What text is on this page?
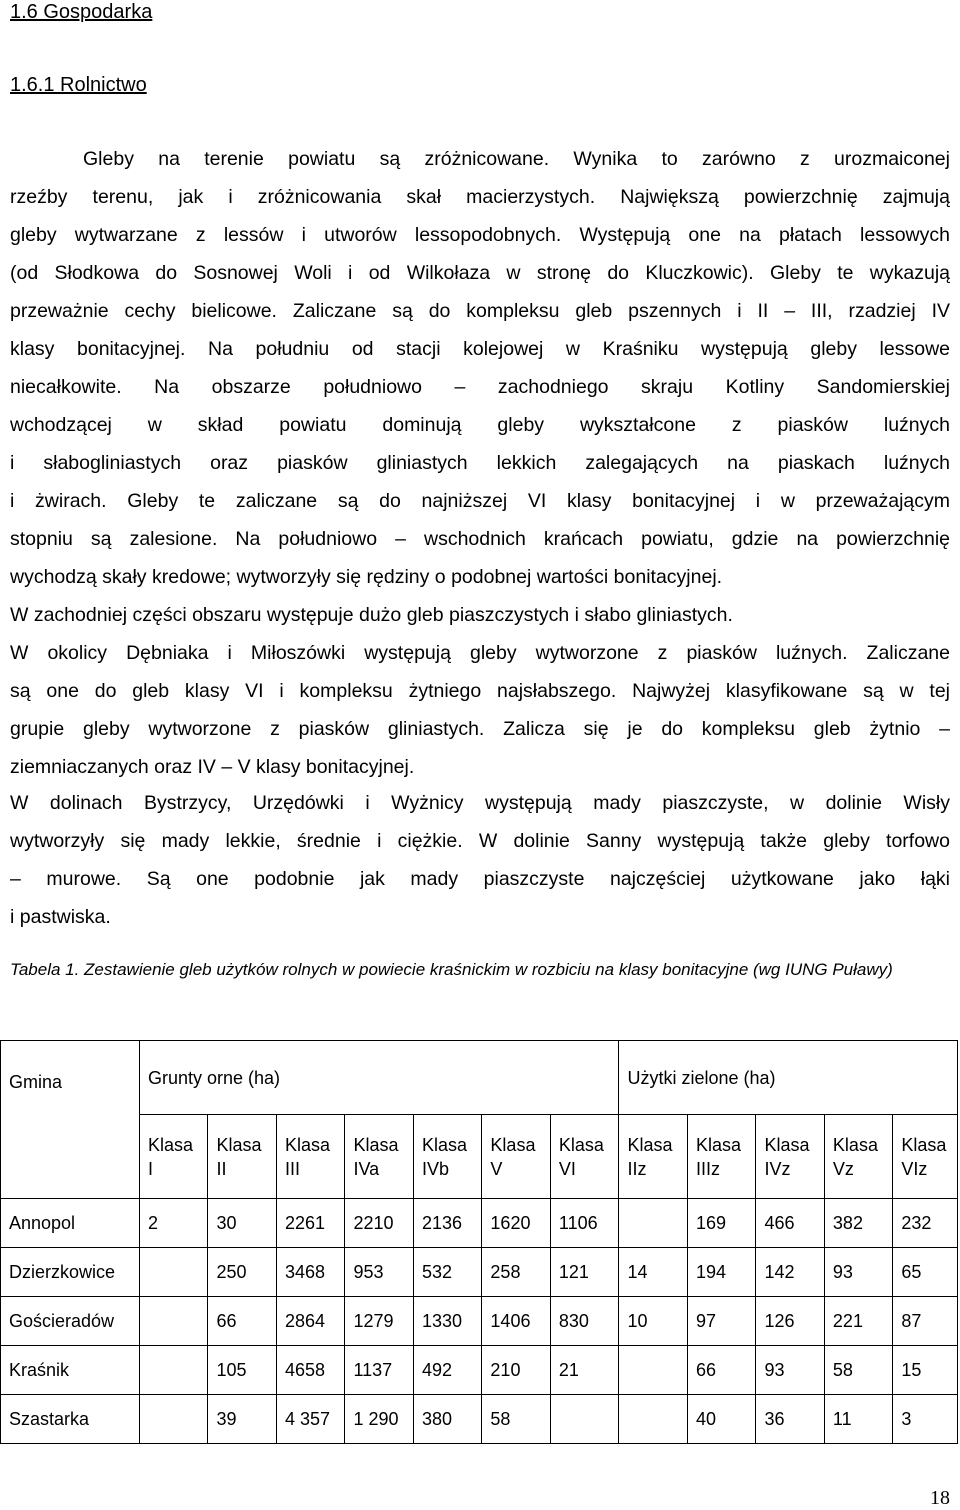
1.6 Gospodarka
1.6.1 Rolnictwo

Gleby na terenie powiatu są zróżnicowane. Wynika to zarówno z urozmaiconej

rzeźby terenu, jak i zróżnicowania skał macierzystych. Największą powierzchnię zajmują

gleby wytwarzane z lessów i utworów lessopodobnych. Występują one na płatach lessowych

(od Słodkowa do Sosnowej Woli i od Wilkołaza w stronę do Kluczkowic). Gleby te wykazują

przeważnie cechy bielicowe. Zaliczane są do kompleksu gleb pszennych i II – III, rzadziej IV

klasy bonitacyjnej. Na południu od stacji kolejowej w Kraśniku występują gleby lessowe

niecałkowite. Na obszarze południowo – zachodniego skraju Kotliny Sandomierskiej

wchodzącej w skład powiatu dominują gleby wykształcone z piasków luźnych

i słabogliniastych oraz piasków gliniastych lekkich zalegających na piaskach luźnych

i żwirach. Gleby te zaliczane są do najniższej VI klasy bonitacyjnej i w przeważającym

stopniu są zalesione. Na południowo – wschodnich krańcach powiatu, gdzie na powierzchnię

wychodzą skały kredowe; wytworzyły się rędziny o podobnej wartości bonitacyjnej.

W zachodniej części obszaru występuje dużo gleb piaszczystych i słabo gliniastych.

W okolicy Dębniaka i Miłoszówki występują gleby wytworzone z piasków luźnych. Zaliczane

są one do gleb klasy VI i kompleksu żytniego najsłabszego. Najwyżej klasyfikowane są w tej

grupie gleby wytworzone z piasków gliniastych. Zalicza się je do kompleksu gleb żytnio –

ziemniaczanych oraz IV – V klasy bonitacyjnej.

W dolinach Bystrzycy, Urzędówki i Wyżnicy występują mady piaszczyste, w dolinie Wisły

wytworzyły się mady lekkie, średnie i ciężkie. W dolinie Sanny występują także gleby torfowo

– murowe. Są one podobnie jak mady piaszczyste najczęściej użytkowane jako łąki

i pastwiska.

Tabela 1. Zestawienie gleb użytków rolnych w powiecie kraśnickim w rozbiciu na klasy bonitacyjne (wg IUNG Puławy)

Gmina	Grunty orne (ha)							Użytki zielone (ha)				

	Klasa
I	Klasa
II	Klasa
III	Klasa
IVa	Klasa
IVb	Klasa
V	Klasa
VI	Klasa
IIz	Klasa
IIIz	Klasa
IVz	Klasa
Vz	Klasa
VIz

Annopol	2	30	2261	2210	2136	1620	1106		169	466	382	232
Dzierzkowice		250	3468	953	532	258	121	14	194	142	93	65
Gościeradów		66	2864	1279	1330	1406	830	10	97	126	221	87
Kraśnik		105	4658	1137	492	210	21		66	93	58	15
Szastarka		39	4 357	1 290	380	58			40	36	11	3
18
